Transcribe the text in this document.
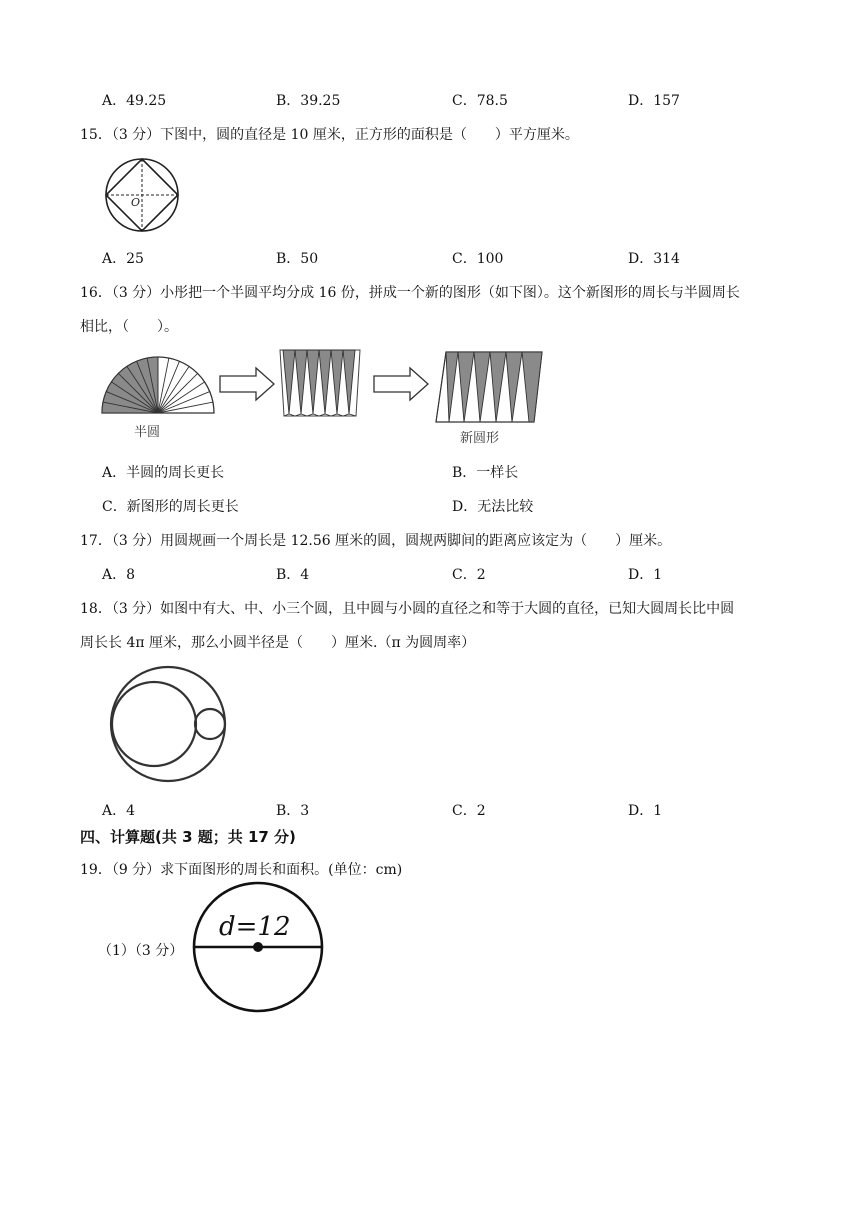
A．49.25	B．39.25	C．78.5	D．157
15．（3 分）下图中，圆的直径是 10 厘米，正方形的面积是（　　）平方厘米。
O
A．25	B．50	C．100	D．314
16．（3 分）小彤把一个半圆平均分成 16 份，拼成一个新的图形（如下图）。这个新图形的周长与半圆周长
相比，（　　）。
半圆	新圆形
A．半圆的周长更长	B．一样长
C．新图形的周长更长	D．无法比较
17．（3 分）用圆规画一个周长是 12.56 厘米的圆，圆规两脚间的距离应该定为（　　）厘米。
A．8	B．4	C．2	D．1
18．（3 分）如图中有大、中、小三个圆，且中圆与小圆的直径之和等于大圆的直径，已知大圆周长比中圆
周长长 4π 厘米，那么小圆半径是（　　）厘米.（π 为圆周率）
A．4	B．3	C．2	D．1
四、计算题(共 3 题；共 17 分)
19．（9 分）求下面图形的周长和面积。(单位：cm)
（1）（3 分）
d=12
